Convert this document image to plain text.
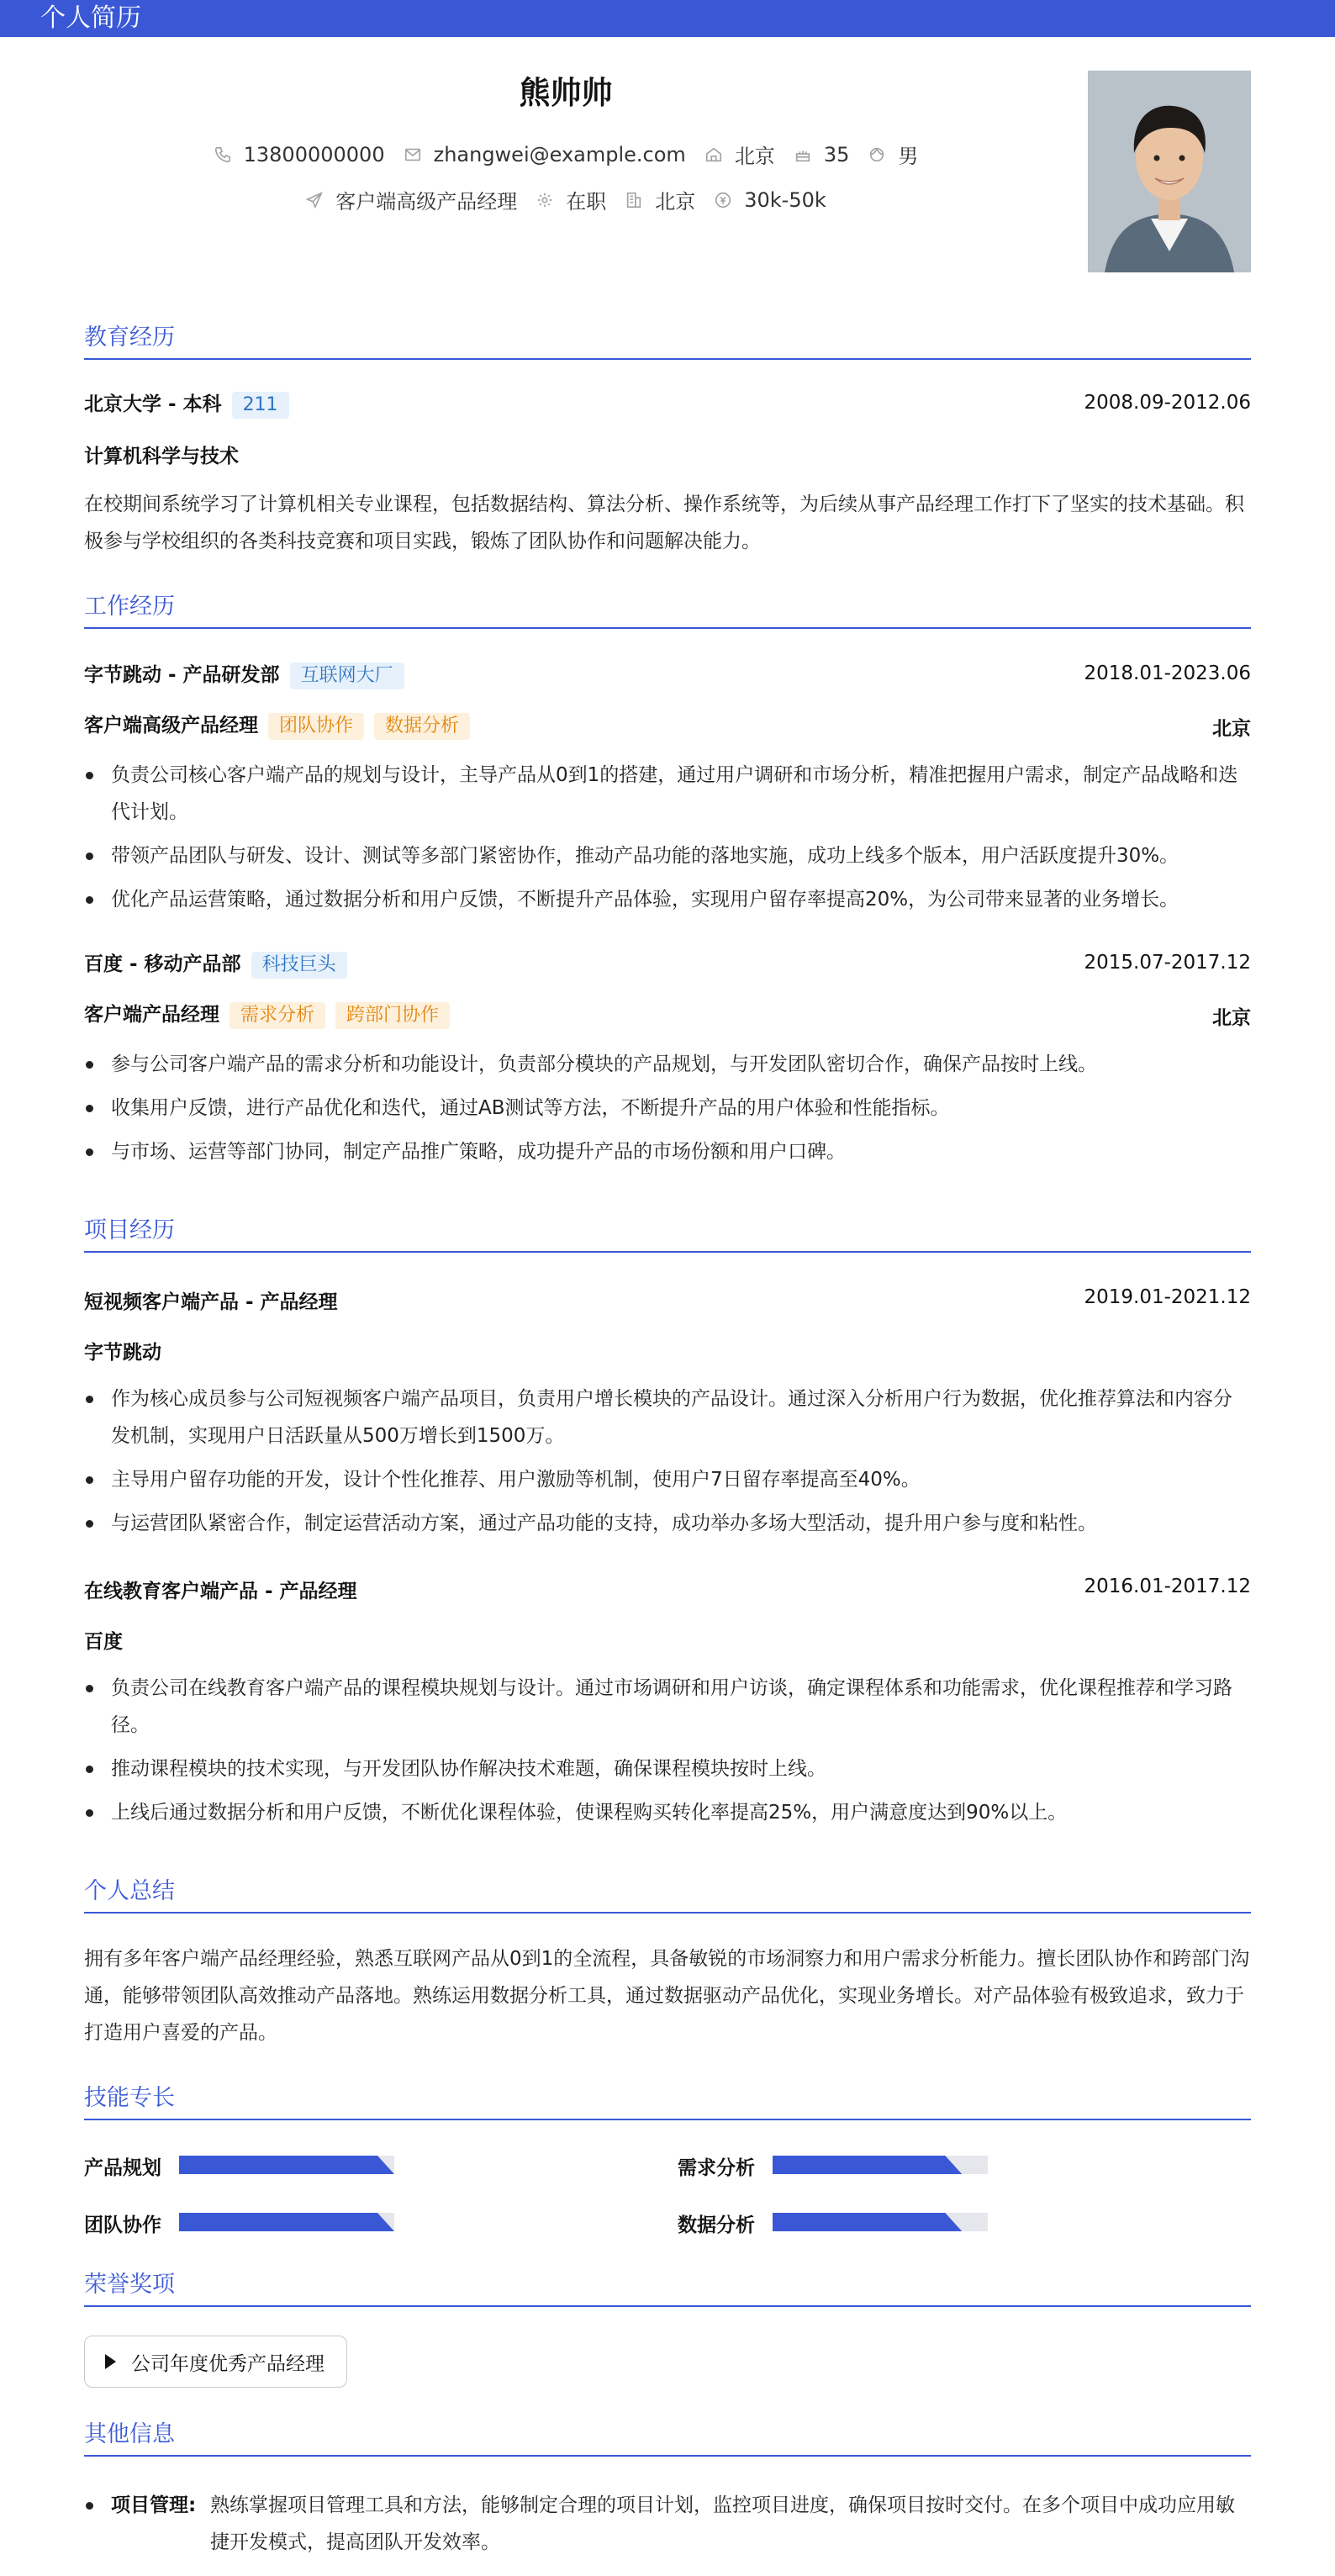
个人简历
熊帅帅
13800000000 zhangwei@example.com 北京 35 男
客户端高级产品经理 在职 北京 30k-50k
教育经历
北京大学 - 本科 211	2008.09-2012.06
计算机科学与技术
在校期间系统学习了计算机相关专业课程，包括数据结构、算法分析、操作系统等，为后续从事产品经理工作打下了坚实的技术基础。积极参与学校组织的各类科技竞赛和项目实践，锻炼了团队协作和问题解决能力。
工作经历
字节跳动 - 产品研发部 互联网大厂	2018.01-2023.06
客户端高级产品经理 团队协作 数据分析	北京
负责公司核心客户端产品的规划与设计，主导产品从0到1的搭建，通过用户调研和市场分析，精准把握用户需求，制定产品战略和迭代计划。
带领产品团队与研发、设计、测试等多部门紧密协作，推动产品功能的落地实施，成功上线多个版本，用户活跃度提升30%。
优化产品运营策略，通过数据分析和用户反馈，不断提升产品体验，实现用户留存率提高20%，为公司带来显著的业务增长。
百度 - 移动产品部 科技巨头	2015.07-2017.12
客户端产品经理 需求分析 跨部门协作	北京
参与公司客户端产品的需求分析和功能设计，负责部分模块的产品规划，与开发团队密切合作，确保产品按时上线。
收集用户反馈，进行产品优化和迭代，通过AB测试等方法，不断提升产品的用户体验和性能指标。
与市场、运营等部门协同，制定产品推广策略，成功提升产品的市场份额和用户口碑。
项目经历
短视频客户端产品 - 产品经理	2019.01-2021.12
字节跳动
作为核心成员参与公司短视频客户端产品项目，负责用户增长模块的产品设计。通过深入分析用户行为数据，优化推荐算法和内容分发机制，实现用户日活跃量从500万增长到1500万。
主导用户留存功能的开发，设计个性化推荐、用户激励等机制，使用户7日留存率提高至40%。
与运营团队紧密合作，制定运营活动方案，通过产品功能的支持，成功举办多场大型活动，提升用户参与度和粘性。
在线教育客户端产品 - 产品经理	2016.01-2017.12
百度
负责公司在线教育客户端产品的课程模块规划与设计。通过市场调研和用户访谈，确定课程体系和功能需求，优化课程推荐和学习路径。
推动课程模块的技术实现，与开发团队协作解决技术难题，确保课程模块按时上线。
上线后通过数据分析和用户反馈，不断优化课程体验，使课程购买转化率提高25%，用户满意度达到90%以上。
个人总结
拥有多年客户端产品经理经验，熟悉互联网产品从0到1的全流程，具备敏锐的市场洞察力和用户需求分析能力。擅长团队协作和跨部门沟通，能够带领团队高效推动产品落地。熟练运用数据分析工具，通过数据驱动产品优化，实现业务增长。对产品体验有极致追求，致力于打造用户喜爱的产品。
技能专长
产品规划	需求分析
团队协作	数据分析
荣誉奖项
公司年度优秀产品经理
其他信息
项目管理: 熟练掌握项目管理工具和方法，能够制定合理的项目计划，监控项目进度，确保项目按时交付。在多个项目中成功应用敏捷开发模式，提高团队开发效率。
